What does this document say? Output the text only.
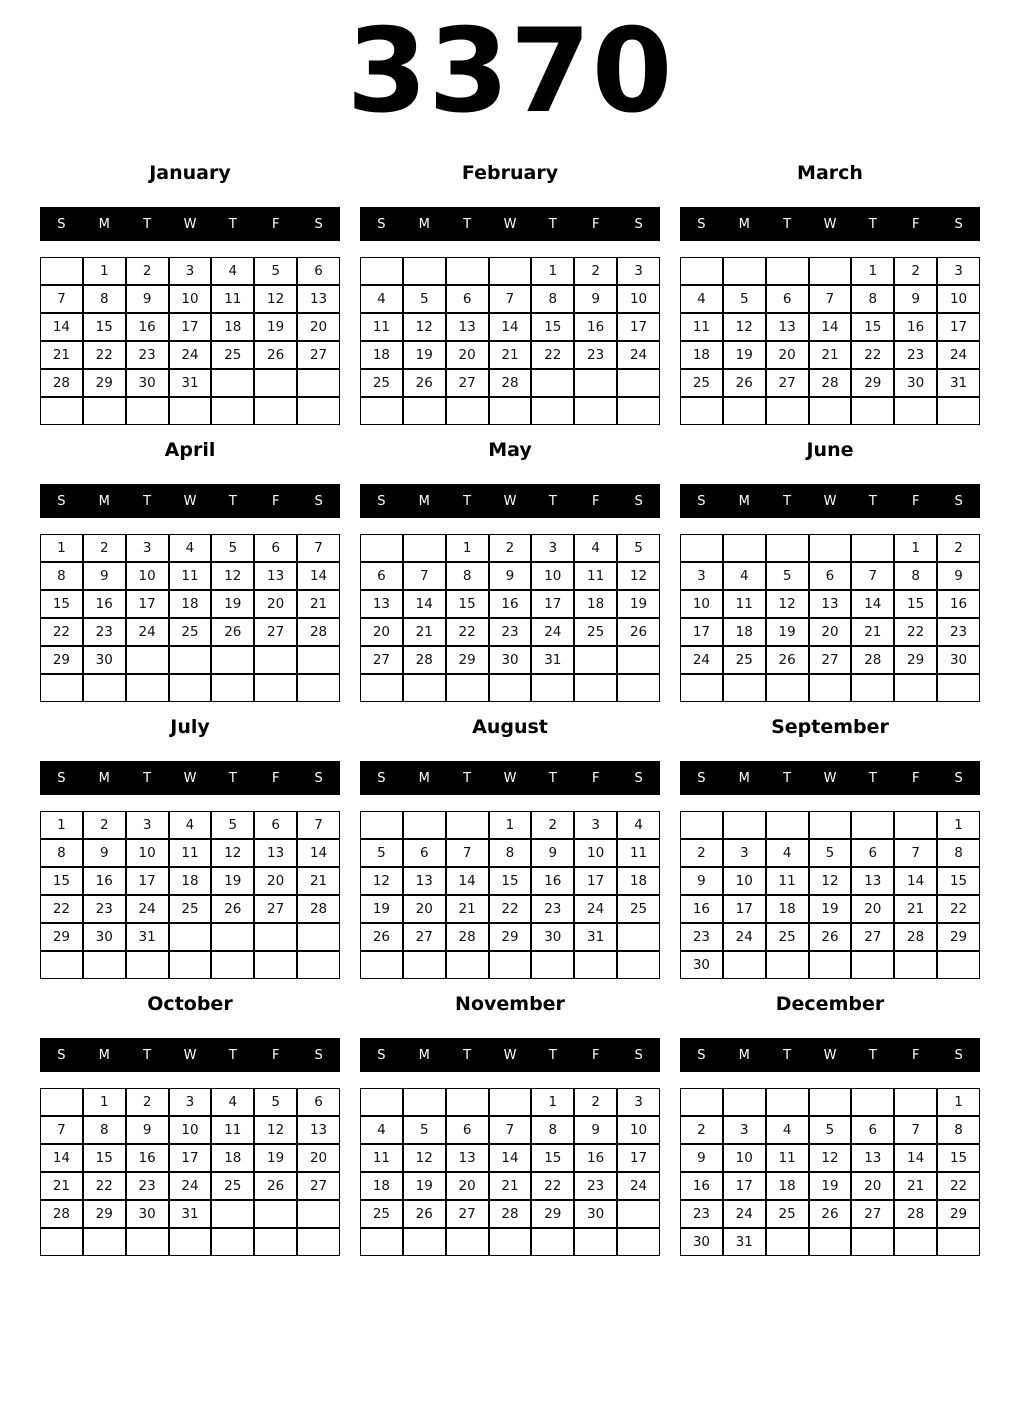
3370
January
S	M	T	W	T	F	S
	1	2	3	4	5	6
7	8	9	10	11	12	13
14	15	16	17	18	19	20
21	22	23	24	25	26	27
28	29	30	31			

February
S	M	T	W	T	F	S
				1	2	3
4	5	6	7	8	9	10
11	12	13	14	15	16	17
18	19	20	21	22	23	24
25	26	27	28			

March
S	M	T	W	T	F	S
				1	2	3
4	5	6	7	8	9	10
11	12	13	14	15	16	17
18	19	20	21	22	23	24
25	26	27	28	29	30	31

April
S	M	T	W	T	F	S
1	2	3	4	5	6	7
8	9	10	11	12	13	14
15	16	17	18	19	20	21
22	23	24	25	26	27	28
29	30					

May
S	M	T	W	T	F	S
		1	2	3	4	5
6	7	8	9	10	11	12
13	14	15	16	17	18	19
20	21	22	23	24	25	26
27	28	29	30	31		

June
S	M	T	W	T	F	S
					1	2
3	4	5	6	7	8	9
10	11	12	13	14	15	16
17	18	19	20	21	22	23
24	25	26	27	28	29	30

July
S	M	T	W	T	F	S
1	2	3	4	5	6	7
8	9	10	11	12	13	14
15	16	17	18	19	20	21
22	23	24	25	26	27	28
29	30	31				

August
S	M	T	W	T	F	S
			1	2	3	4
5	6	7	8	9	10	11
12	13	14	15	16	17	18
19	20	21	22	23	24	25
26	27	28	29	30	31	

September
S	M	T	W	T	F	S
						1
2	3	4	5	6	7	8
9	10	11	12	13	14	15
16	17	18	19	20	21	22
23	24	25	26	27	28	29
30						
October
S	M	T	W	T	F	S
	1	2	3	4	5	6
7	8	9	10	11	12	13
14	15	16	17	18	19	20
21	22	23	24	25	26	27
28	29	30	31			

November
S	M	T	W	T	F	S
				1	2	3
4	5	6	7	8	9	10
11	12	13	14	15	16	17
18	19	20	21	22	23	24
25	26	27	28	29	30	

December
S	M	T	W	T	F	S
						1
2	3	4	5	6	7	8
9	10	11	12	13	14	15
16	17	18	19	20	21	22
23	24	25	26	27	28	29
30	31					
